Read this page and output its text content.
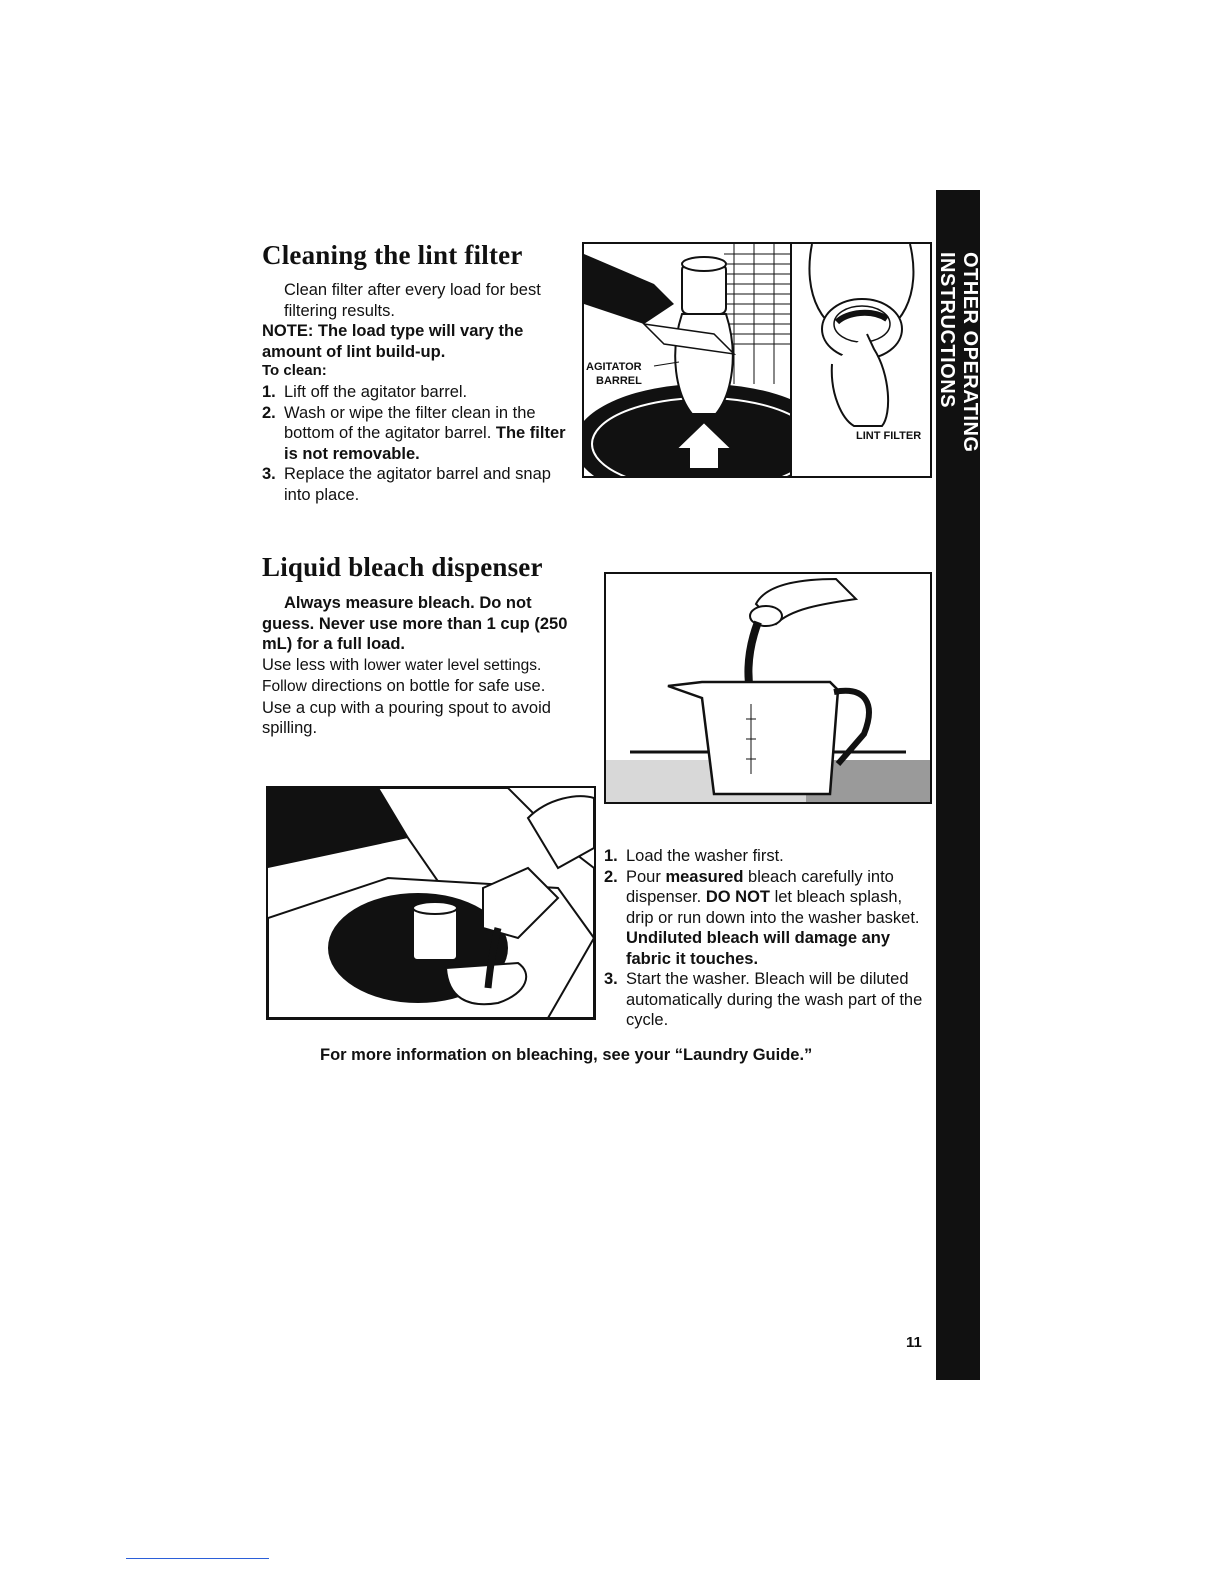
Cleaning the lint filter
Clean filter after every load for best filtering results. NOTE: The load type will vary the amount of lint build-up.
To clean:
1. Lift off the agitator barrel.
2. Wash or wipe the filter clean in the bottom of the agitator barrel. The filter is not removable.
3. Replace the agitator barrel and snap into place.
AGITATOR
BARREL
LINT FILTER
Liquid bleach dispenser
Always measure bleach. Do not guess. Never use more than 1 cup (250 mL) for a full load. Use less with lower water level settings. Follow directions on bottle for safe use. Use a cup with a pouring spout to avoid spilling.
1. Load the washer first.
2. Pour measured bleach carefully into dispenser. DO NOT let bleach splash, drip or run down into the washer basket. Undiluted bleach will damage any fabric it touches.
3. Start the washer. Bleach will be diluted automatically during the wash part of the cycle.
For more information on bleaching, see your “Laundry Guide.”
OTHER OPERATING INSTRUCTIONS
11
